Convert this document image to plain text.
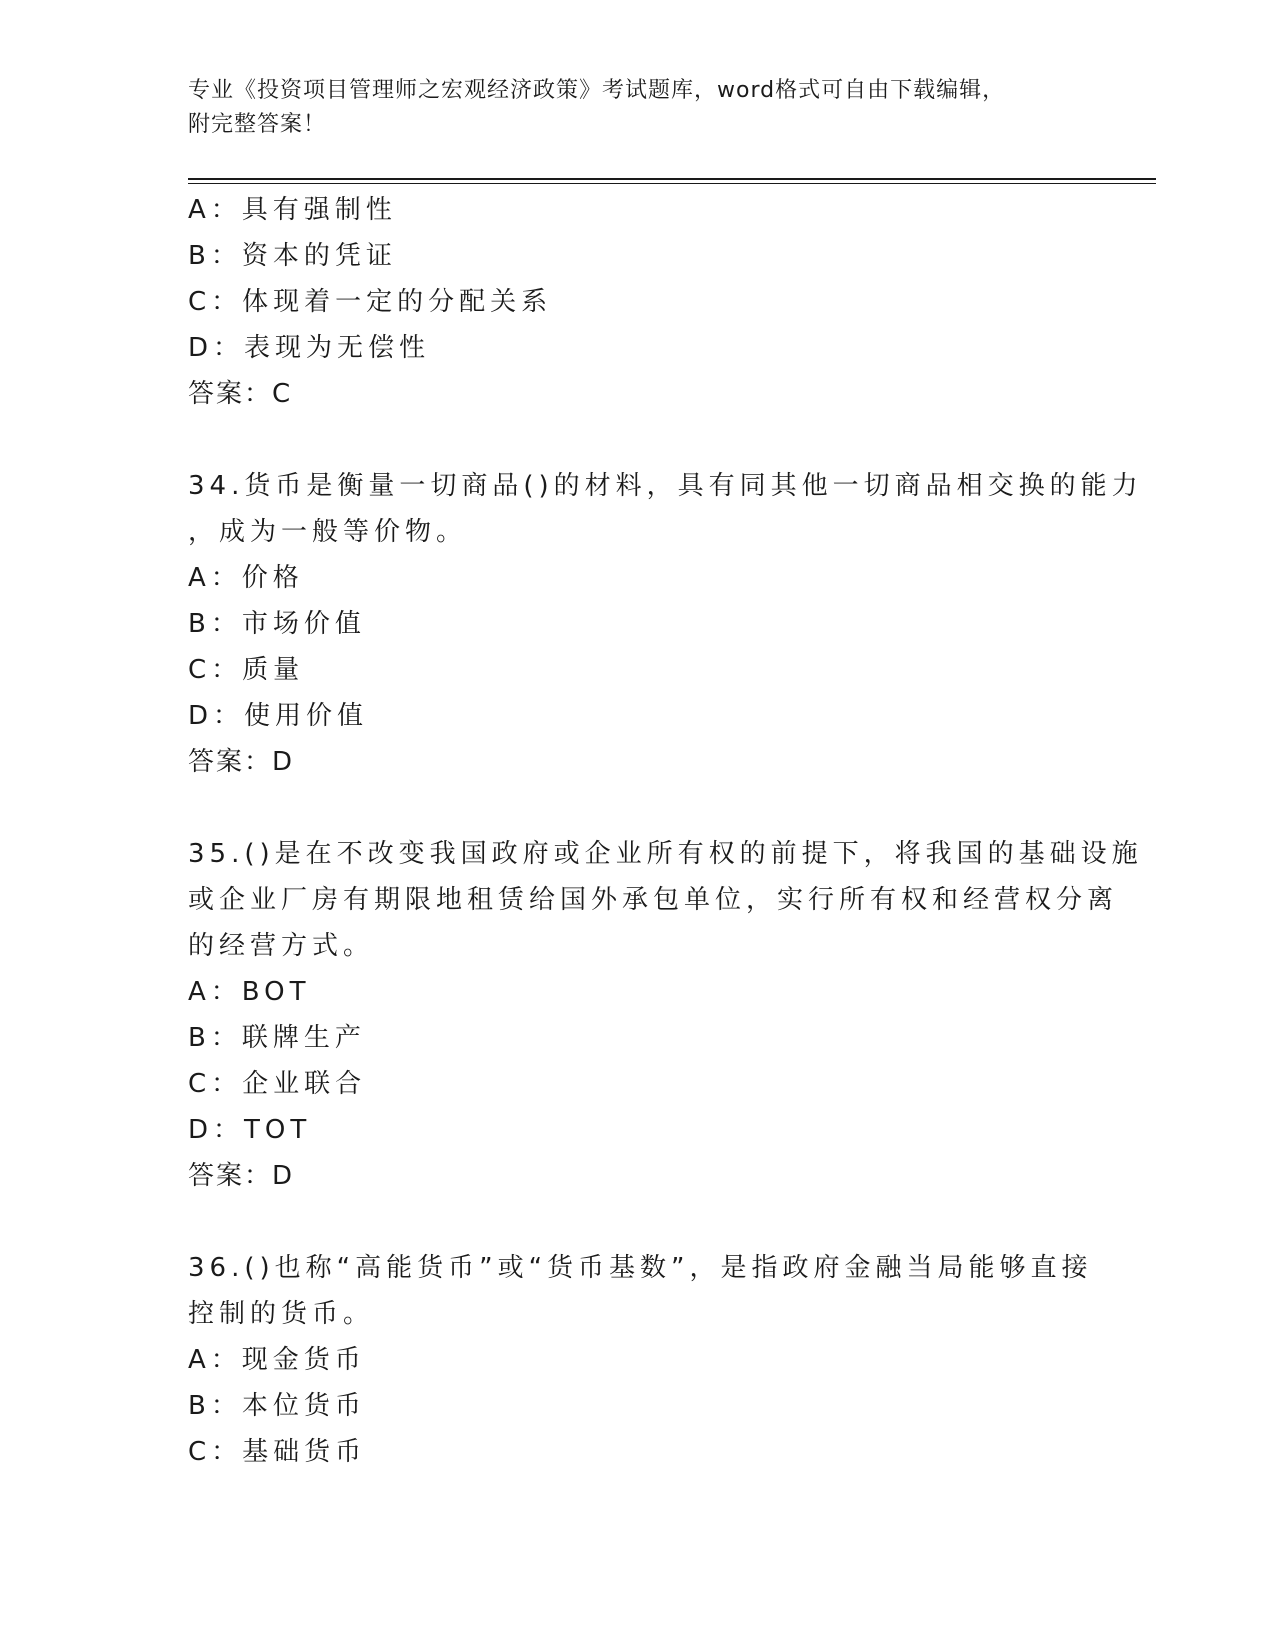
专业《投资项目管理师之宏观经济政策》考试题库，word格式可自由下载编辑，
附完整答案！
A：具有强制性
B：资本的凭证
C：体现着一定的分配关系
D：表现为无偿性
答案：C
34.货币是衡量一切商品()的材料，具有同其他一切商品相交换的能力
，成为一般等价物。
A：价格
B：市场价值
C：质量
D：使用价值
答案：D
35.()是在不改变我国政府或企业所有权的前提下，将我国的基础设施
或企业厂房有期限地租赁给国外承包单位，实行所有权和经营权分离
的经营方式。
A：BOT
B：联牌生产
C：企业联合
D：TOT
答案：D
36.()也称“高能货币”或“货币基数”，是指政府金融当局能够直接
控制的货币。
A：现金货币
B：本位货币
C：基础货币
